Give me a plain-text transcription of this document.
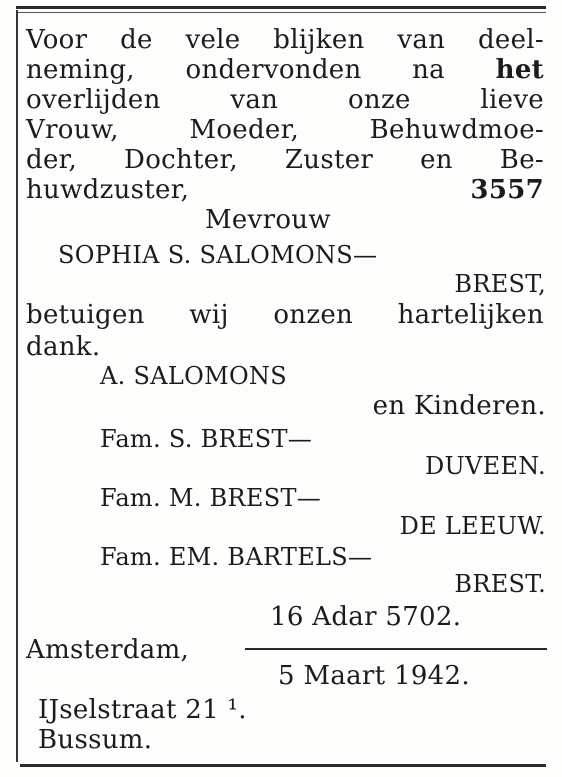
Voor de vele blijken van deel-
neming, ondervonden na het
overlijden	van	onze	lieve
Vrouw,	Moeder,	Behuwdmoe-
der, Dochter, Zuster en Be-
huwdzuster,	3557
Mevrouw
SOPHIA S. SALOMONS—
BREST,
betuigen wij onzen hartelijken
dank.
A. SALOMONS
en Kinderen.
Fam. S. BREST—
DUVEEN.
Fam. M. BREST—
DE LEEUW.
Fam. EM. BARTELS—
BREST.
16 Adar 5702.
Amsterdam,
5 Maart 1942.
IJselstraat 21 ¹.
Bussum.
